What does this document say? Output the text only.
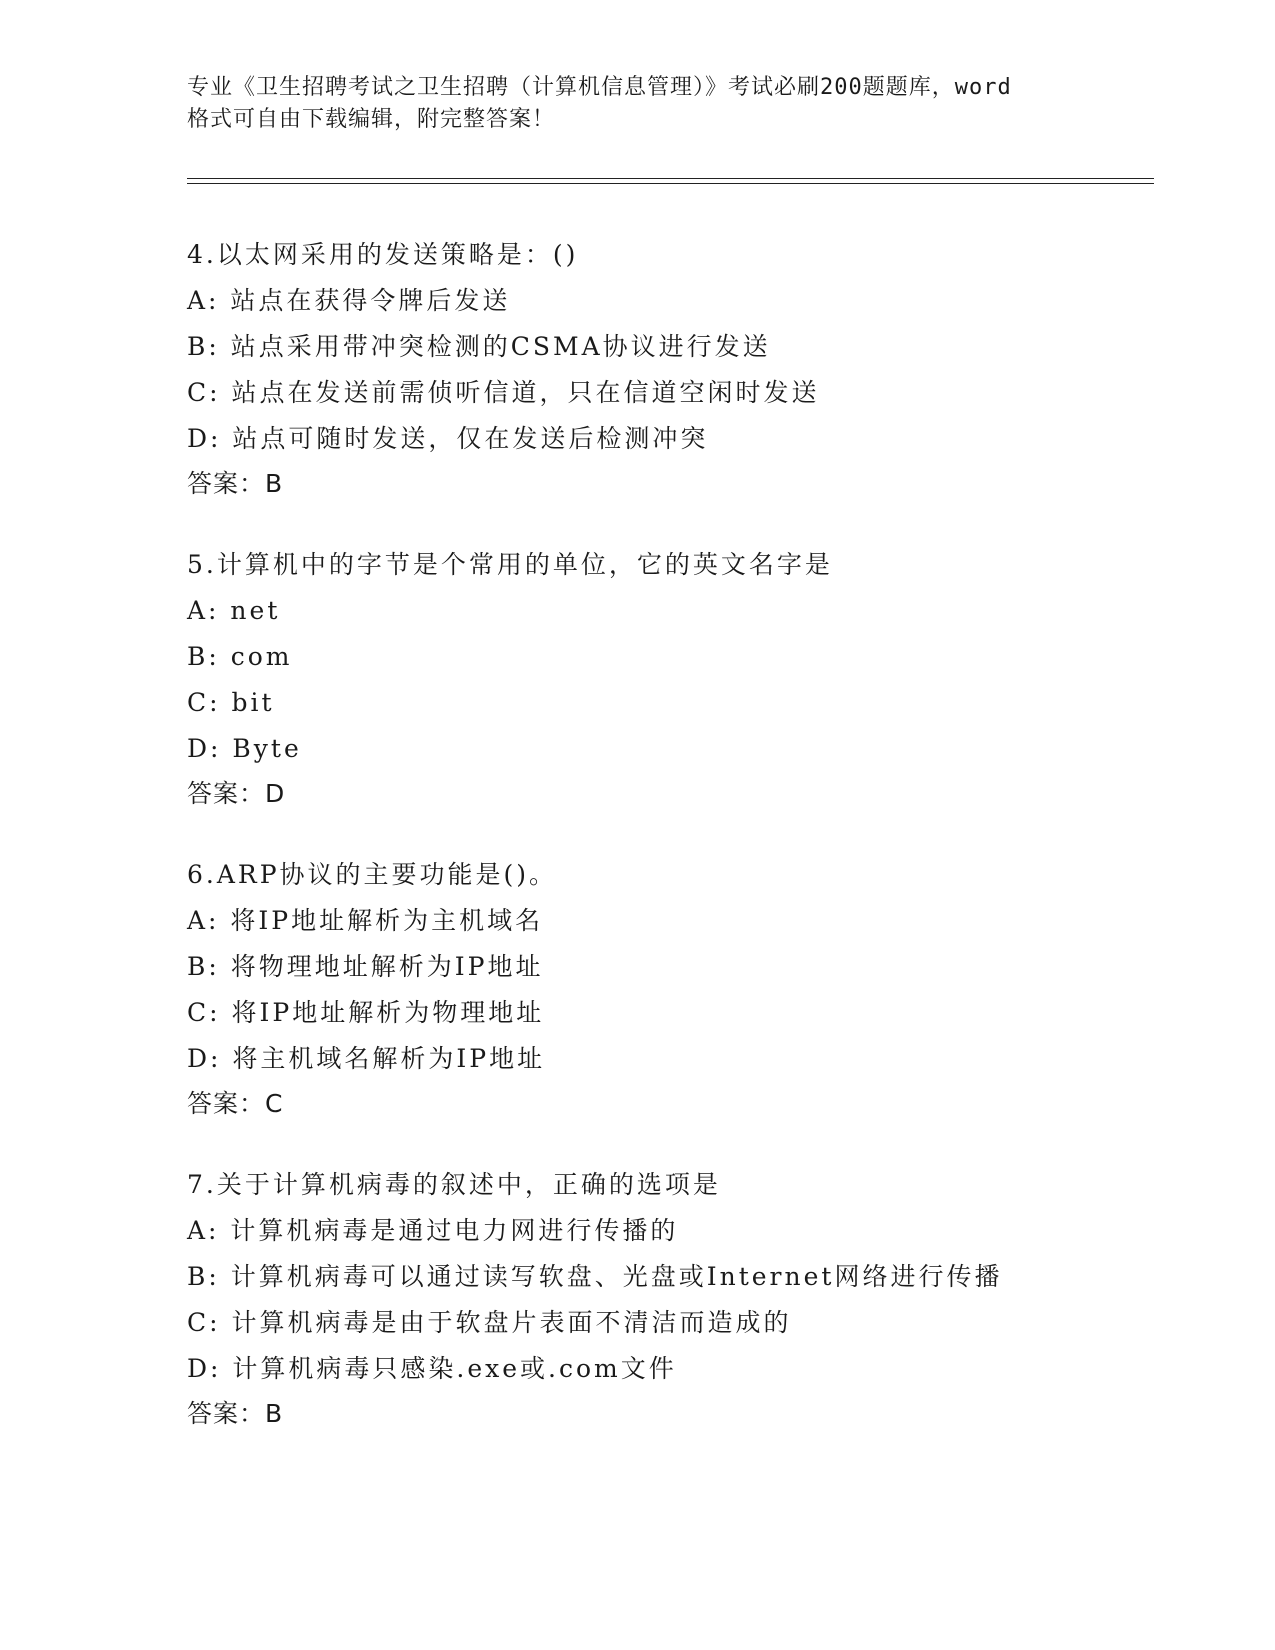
专业《卫生招聘考试之卫生招聘（计算机信息管理）》考试必刷200题题库，word
格式可自由下载编辑，附完整答案！
4.以太网采用的发送策略是：()
A: 站点在获得令牌后发送
B: 站点采用带冲突检测的CSMA协议进行发送
C: 站点在发送前需侦听信道，只在信道空闲时发送
D: 站点可随时发送，仅在发送后检测冲突
答案：B
5.计算机中的字节是个常用的单位，它的英文名字是
A: net
B: com
C: bit
D: Byte
答案：D
6.ARP协议的主要功能是()。
A: 将IP地址解析为主机域名
B: 将物理地址解析为IP地址
C: 将IP地址解析为物理地址
D: 将主机域名解析为IP地址
答案：C
7.关于计算机病毒的叙述中，正确的选项是
A: 计算机病毒是通过电力网进行传播的
B: 计算机病毒可以通过读写软盘、光盘或Internet网络进行传播
C: 计算机病毒是由于软盘片表面不清洁而造成的
D: 计算机病毒只感染.exe或.com文件
答案：B
